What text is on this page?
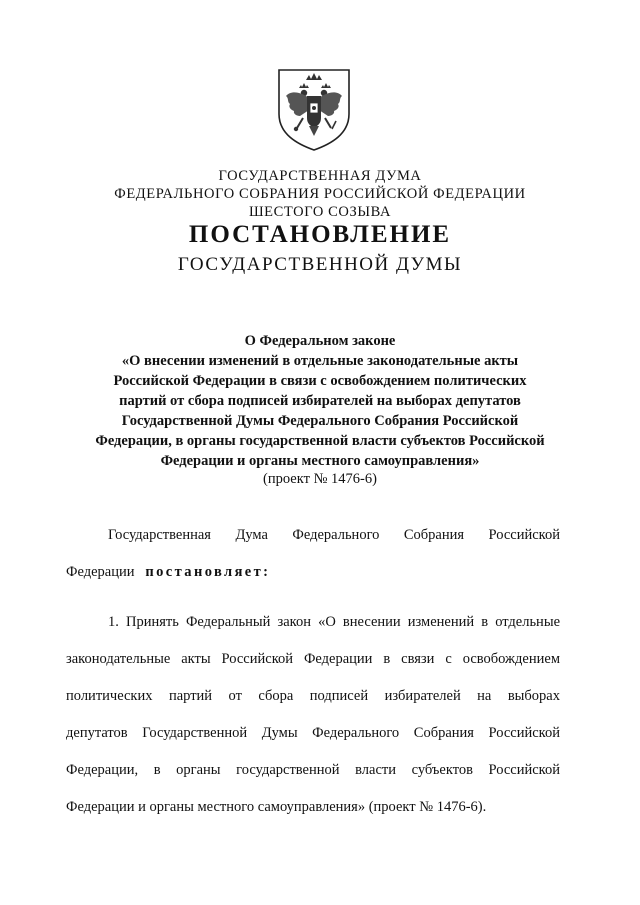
ГОСУДАРСТВЕННАЯ ДУМА
ФЕДЕРАЛЬНОГО СОБРАНИЯ РОССИЙСКОЙ ФЕДЕРАЦИИ
ШЕСТОГО СОЗЫВА
ПОСТАНОВЛЕНИЕ
ГОСУДАРСТВЕННОЙ ДУМЫ
О Федеральном законе
«О внесении изменений в отдельные законодательные акты
Российской Федерации в связи с освобождением политических
партий от сбора подписей избирателей на выборах депутатов
Государственной Думы Федерального Собрания Российской
Федерации, в органы государственной власти субъектов Российской
Федерации и органы местного самоуправления»
(проект № 1476-6)
Государственная Дума Федерального Собрания Российской
Федерации постановляет:
1. Принять Федеральный закон «О внесении изменений в отдельные
законодательные акты Российской Федерации в связи с освобождением
политических партий от сбора подписей избирателей на выборах
депутатов Государственной Думы Федерального Собрания Российской
Федерации, в органы государственной власти субъектов Российской
Федерации и органы местного самоуправления» (проект № 1476-6).
